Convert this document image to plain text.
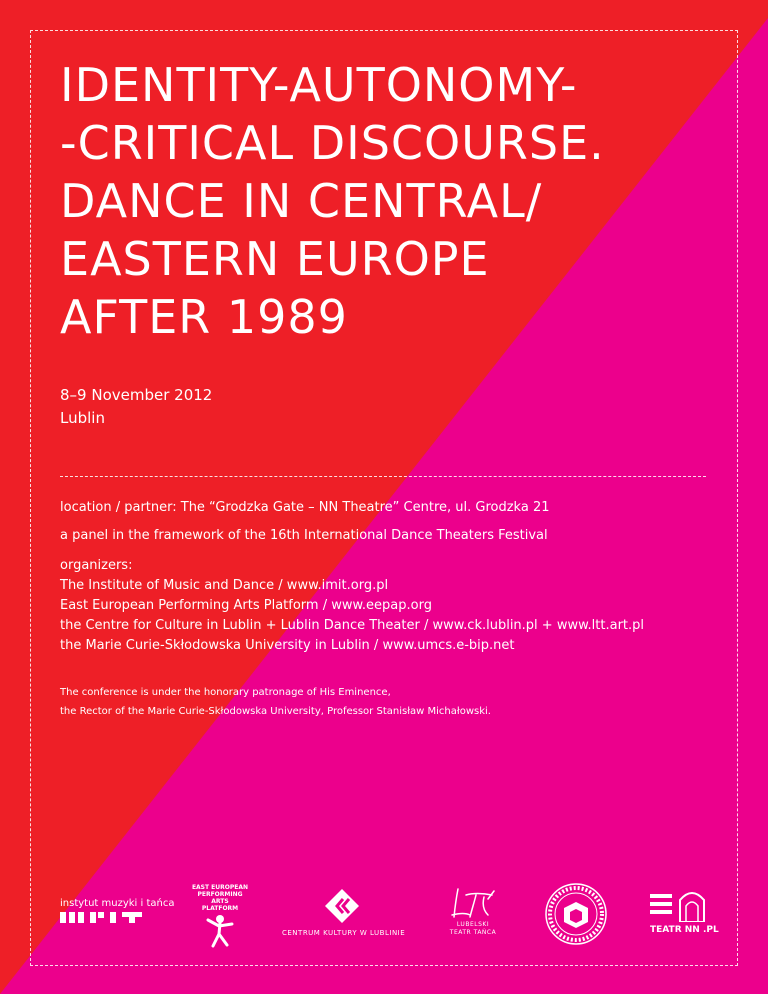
IDENTITY-AUTONOMY-
-CRITICAL DISCOURSE.
DANCE IN CENTRAL/
EASTERN EUROPE
AFTER 1989
8–9 November 2012
Lublin
location / partner: The “Grodzka Gate – NN Theatre” Centre, ul. Grodzka 21
a panel in the framework of the 16th International Dance Theaters Festival
organizers:
The Institute of Music and Dance / www.imit.org.pl
East European Performing Arts Platform / www.eepap.org
the Centre for Culture in Lublin + Lublin Dance Theater / www.ck.lublin.pl + www.ltt.art.pl
the Marie Curie-Skłodowska University in Lublin / www.umcs.e-bip.net
The conference is under the honorary patronage of His Eminence,
the Rector of the Marie Curie-Skłodowska University, Professor Stanisław Michałowski.
instytut muzyki i tańca
EAST EUROPEAN
PERFORMING ARTS
PLATFORM
CENTRUM KULTURY W LUBLINIE
LUBELSKI
TEATR TAŃCA	TEATR NN .PL
